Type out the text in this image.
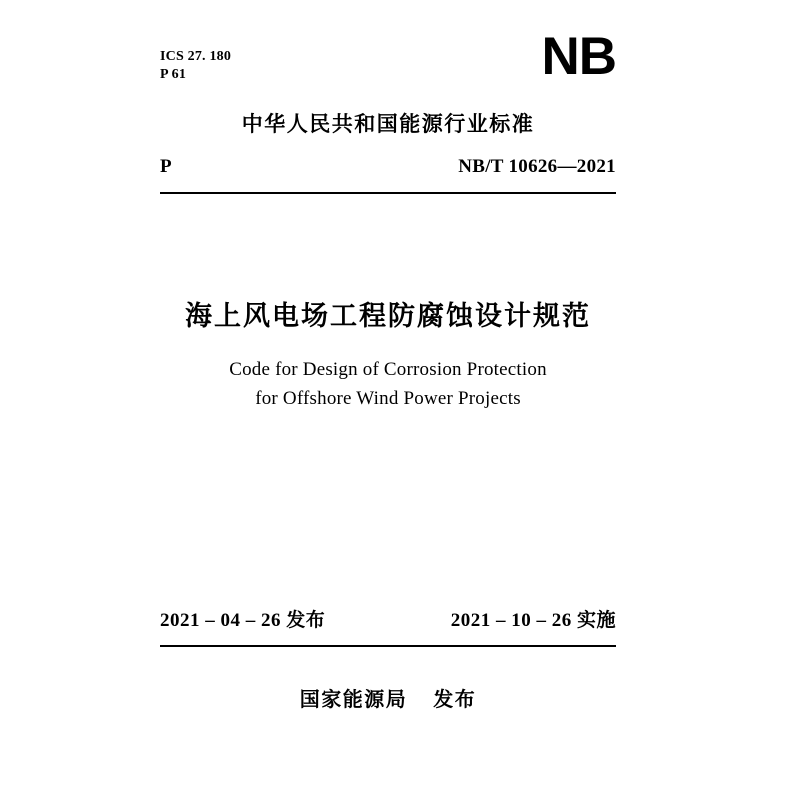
ICS 27. 180
P 61	NB
中华人民共和国能源行业标准
P	NB/T 10626—2021
海上风电场工程防腐蚀设计规范
Code for Design of Corrosion Protection
for Offshore Wind Power Projects
2021 – 04 – 26 发布	2021 – 10 – 26 实施
国家能源局 发布
